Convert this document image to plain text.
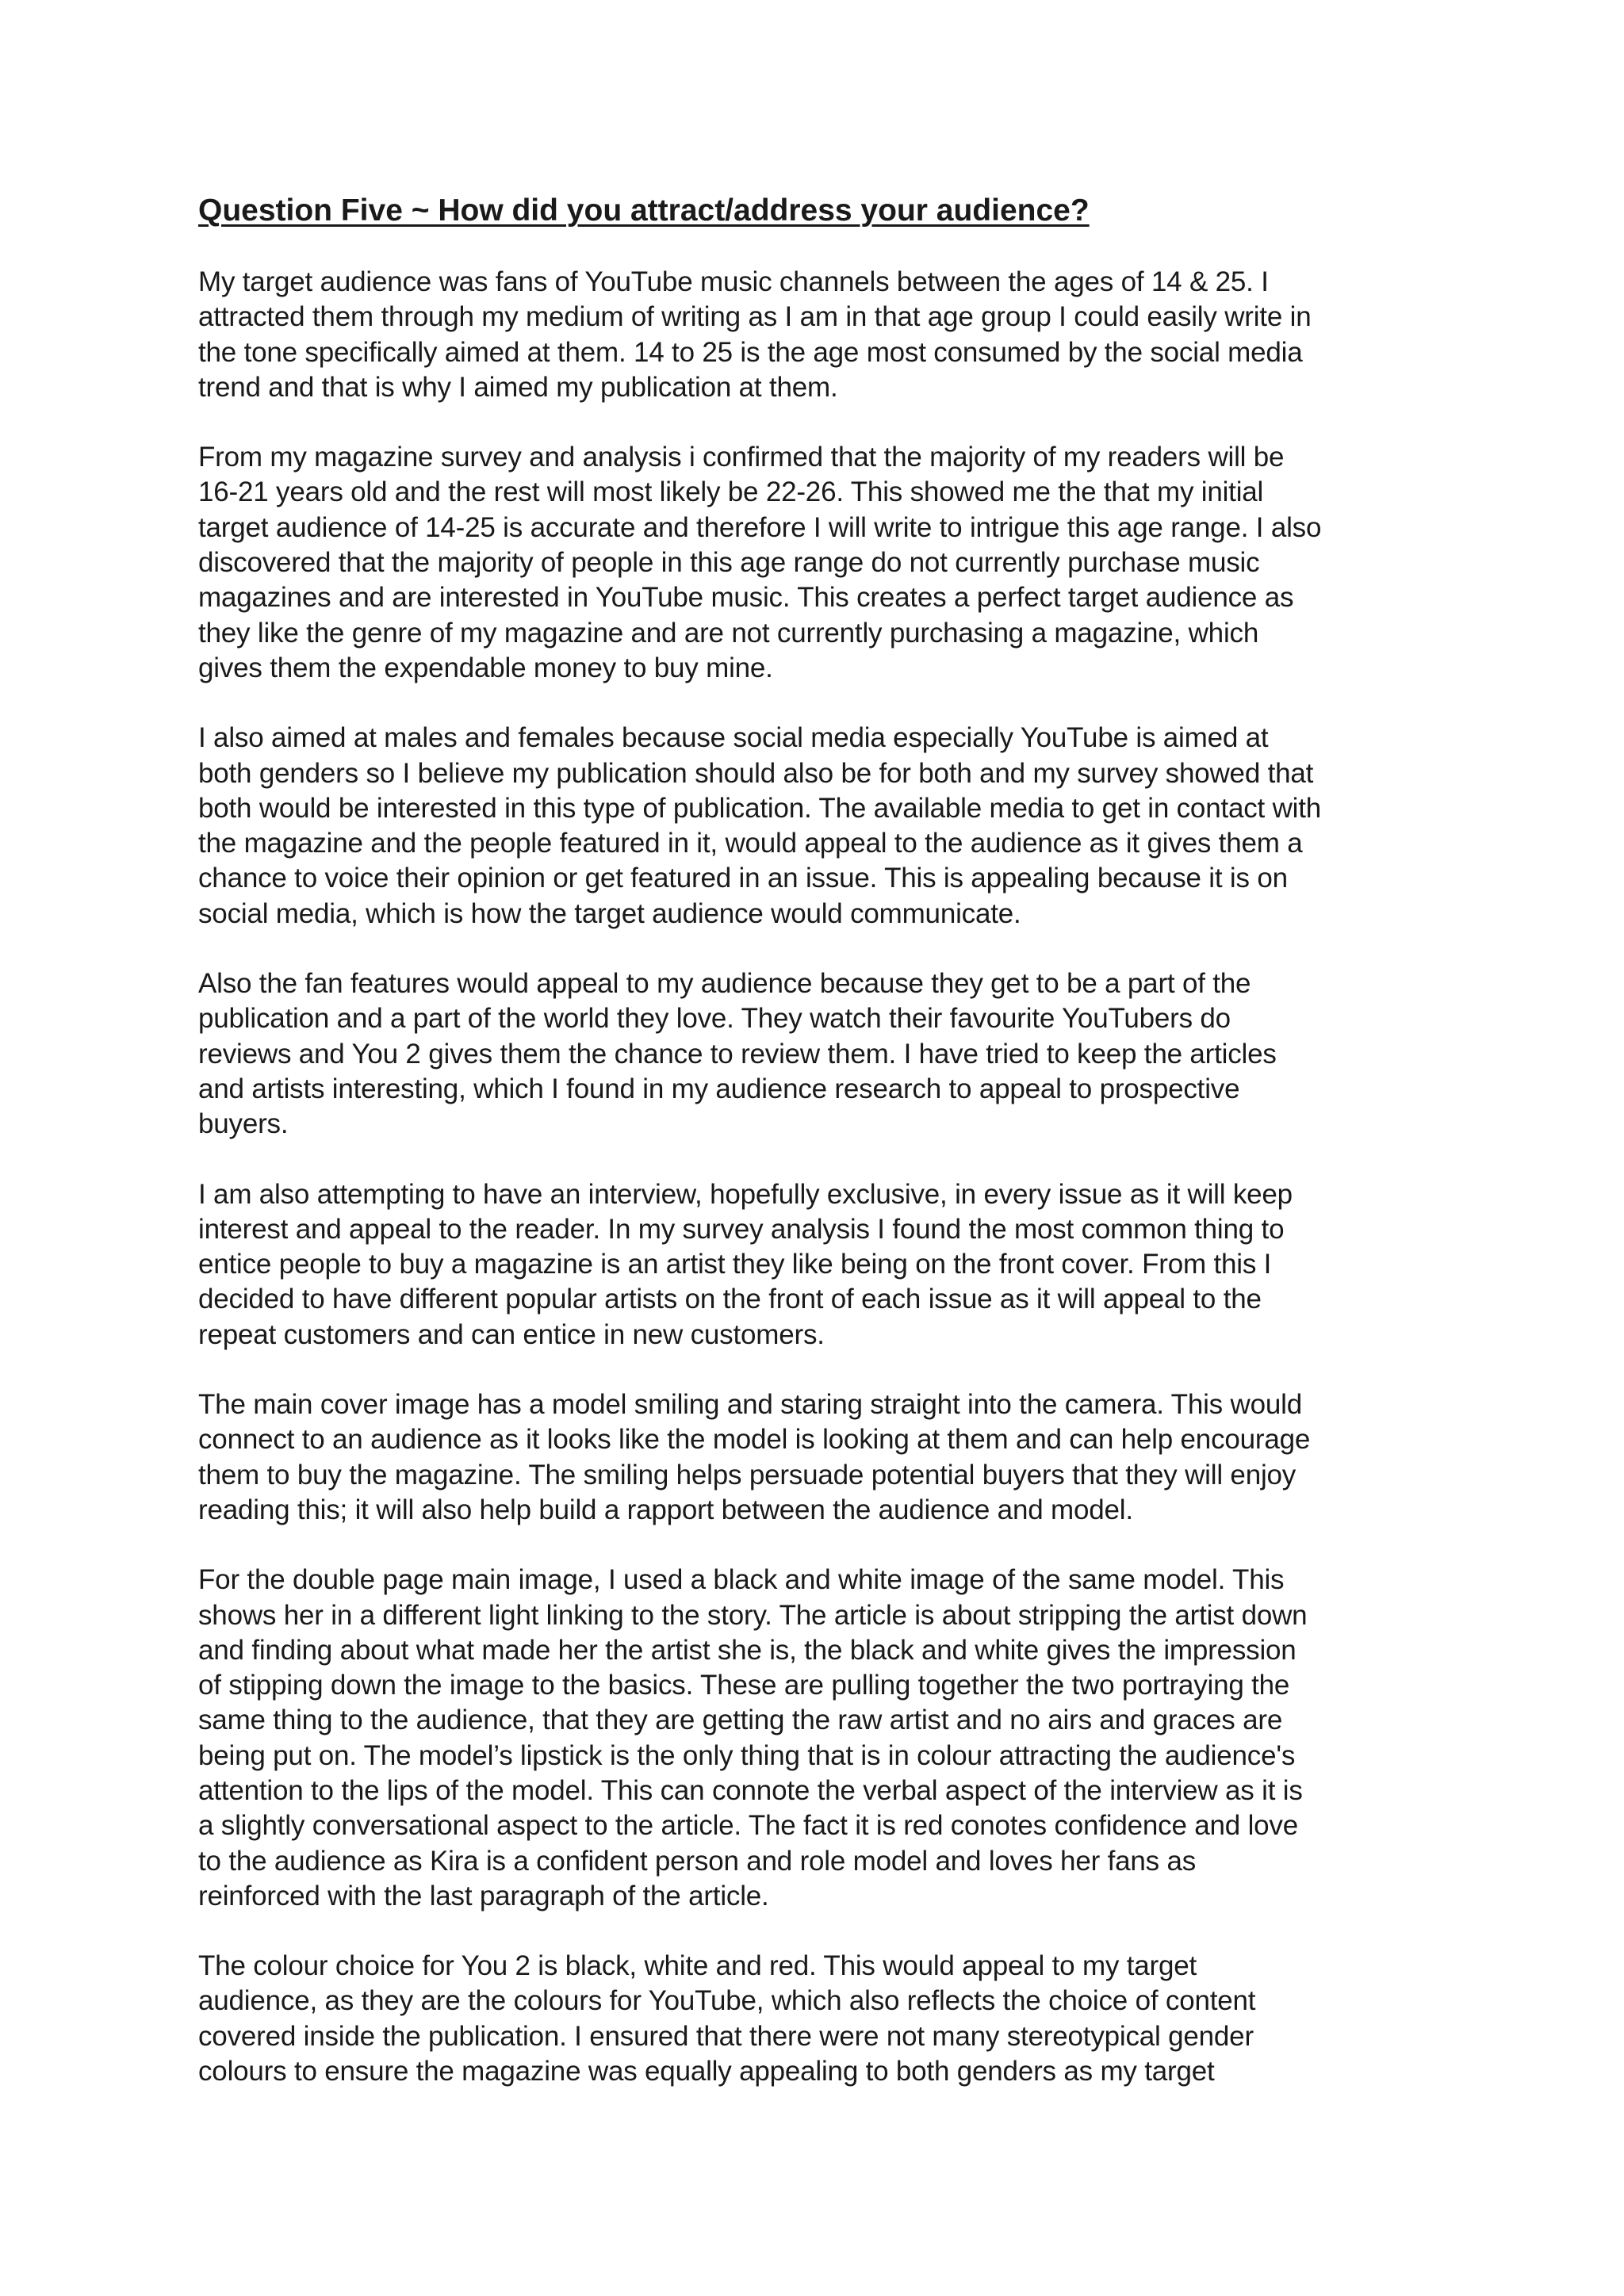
Question Five ~ How did you attract/address your audience?
My target audience was fans of YouTube music channels between the ages of 14 & 25. I
attracted them through my medium of writing as I am in that age group I could easily write in
the tone specifically aimed at them. 14 to 25 is the age most consumed by the social media
trend and that is why I aimed my publication at them.
From my magazine survey and analysis i confirmed that the majority of my readers will be
16-21 years old and the rest will most likely be 22-26. This showed me the that my initial
target audience of 14-25 is accurate and therefore I will write to intrigue this age range. I also
discovered that the majority of people in this age range do not currently purchase music
magazines and are interested in YouTube music. This creates a perfect target audience as
they like the genre of my magazine and are not currently purchasing a magazine, which
gives them the expendable money to buy mine.
I also aimed at males and females because social media especially YouTube is aimed at
both genders so I believe my publication should also be for both and my survey showed that
both would be interested in this type of publication. The available media to get in contact with
the magazine and the people featured in it, would appeal to the audience as it gives them a
chance to voice their opinion or get featured in an issue. This is appealing because it is on
social media, which is how the target audience would communicate.
Also the fan features would appeal to my audience because they get to be a part of the
publication and a part of the world they love. They watch their favourite YouTubers do
reviews and You 2 gives them the chance to review them. I have tried to keep the articles
and artists interesting, which I found in my audience research to appeal to prospective
buyers.
I am also attempting to have an interview, hopefully exclusive, in every issue as it will keep
interest and appeal to the reader. In my survey analysis I found the most common thing to
entice people to buy a magazine is an artist they like being on the front cover. From this I
decided to have different popular artists on the front of each issue as it will appeal to the
repeat customers and can entice in new customers.
The main cover image has a model smiling and staring straight into the camera. This would
connect to an audience as it looks like the model is looking at them and can help encourage
them to buy the magazine. The smiling helps persuade potential buyers that they will enjoy
reading this; it will also help build a rapport between the audience and model.
For the double page main image, I used a black and white image of the same model. This
shows her in a different light linking to the story. The article is about stripping the artist down
and finding about what made her the artist she is, the black and white gives the impression
of stipping down the image to the basics. These are pulling together the two portraying the
same thing to the audience, that they are getting the raw artist and no airs and graces are
being put on. The model’s lipstick is the only thing that is in colour attracting the audience's
attention to the lips of the model. This can connote the verbal aspect of the interview as it is
a slightly conversational aspect to the article. The fact it is red conotes confidence and love
to the audience as Kira is a confident person and role model and loves her fans as
reinforced with the last paragraph of the article.
The colour choice for You 2 is black, white and red. This would appeal to my target
audience, as they are the colours for YouTube, which also reflects the choice of content
covered inside the publication. I ensured that there were not many stereotypical gender
colours to ensure the magazine was equally appealing to both genders as my target
